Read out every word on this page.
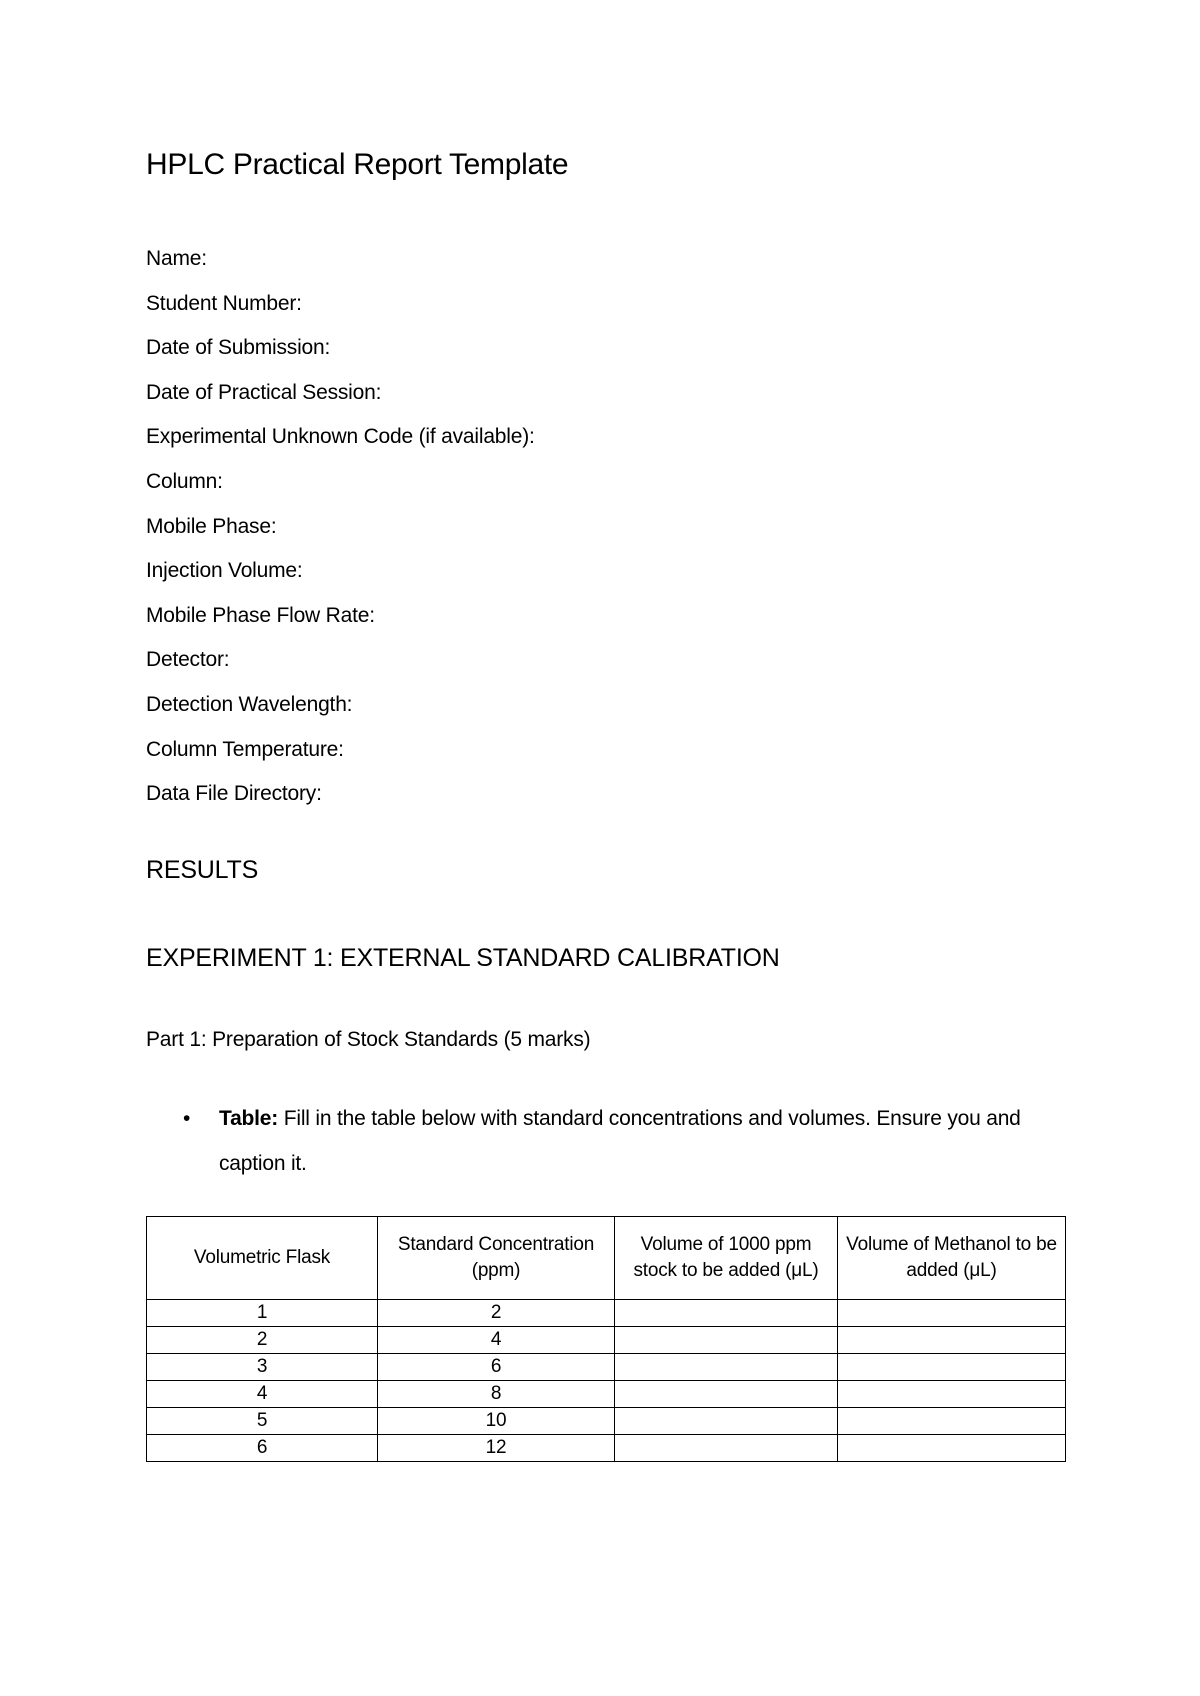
HPLC Practical Report Template
Name:
Student Number:
Date of Submission:
Date of Practical Session:
Experimental Unknown Code (if available):
Column:
Mobile Phase:
Injection Volume:
Mobile Phase Flow Rate:
Detector:
Detection Wavelength:
Column Temperature:
Data File Directory:
RESULTS
EXPERIMENT 1: EXTERNAL STANDARD CALIBRATION
Part 1: Preparation of Stock Standards (5 marks)
•	Table: Fill in the table below with standard concentrations and volumes. Ensure you and caption it.
Volumetric Flask	Standard Concentration (ppm)	Volume of 1000 ppm stock to be added (μL)	Volume of Methanol to be added (μL)
1	2		
2	4		
3	6		
4	8		
5	10		
6	12		
